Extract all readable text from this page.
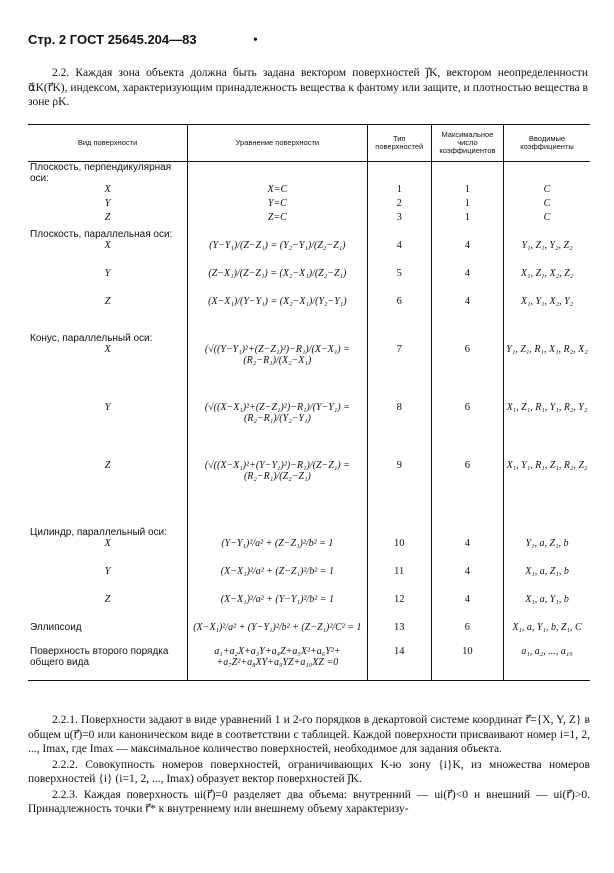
Стр. 2 ГОСТ 25645.204—83	•

2.2. Каждая зона объекта должна быть задана вектором поверхностей j⃗K, вектором неопределенности α⃗K(r⃗K), индексом, характеризующим принадлежность вещества к фантому или защите, и плотностью вещества в зоне ρK.

Вид поверхности	Уравнение поверхности	Тип поверхностей	Максимальное число коэффициентов	Вводимые коэффициенты
Плоскость, перпендикулярная оси:				
X	X=C	1	1	C
Y	Y=C	2	1	C
Z	Z=C	3	1	C
Плоскость, параллельная оси:				
X	(Y−Y₁)/(Z−Z₁) = (Y₂−Y₁)/(Z₂−Z₁)	4	4	Y₁, Z₁, Y₂, Z₂
Y	(Z−X₁)/(Z−Z₁) = (X₂−X₁)/(Z₂−Z₁)	5	4	X₁, Z₁, X₂, Z₂
Z	(X−X₁)/(Y−Y₁) = (X₂−X₁)/(Y₂−Y₁)	6	4	X₁, Y₁, X₂, Y₂
Конус, параллельный оси:				
X	(√((Y−Y₁)²+(Z−Z₁)²)−R₁)/(X−X₁) = (R₂−R₁)/(X₂−X₁)	7	6	Y₁, Z₁, R₁, X₁, R₂, X₂
Y	(√((X−X₁)²+(Z−Z₁)²)−R₁)/(Y−Y₁) = (R₂−R₁)/(Y₂−Y₁)	8	6	X₁, Z₁, R₁, Y₁, R₂, Y₂
Z	(√((X−X₁)²+(Y−Y₁)²)−R₁)/(Z−Z₁) = (R₂−R₁)/(Z₂−Z₁)	9	6	X₁, Y₁, R₁, Z₁, R₂, Z₂
Цилиндр, параллельный оси:				
X	(Y−Y₁)²/a² + (Z−Z₁)²/b² = 1	10	4	Y₁, a, Z₁, b
Y	(X−X₁)²/a² + (Z−Z₁)²/b² = 1	11	4	X₁, a, Z₁, b
Z	(X−X₁)²/a² + (Y−Y₁)²/b² = 1	12	4	X₁, a, Y₁, b
Эллипсоид	(X−X₁)²/a² + (Y−Y₁)²/b² + (Z−Z₁)²/C² = 1	13	6	X₁, a, Y₁, b, Z₁, C
Поверхность второго порядка общего вида	a₁+a₂X+a₃Y+a₄Z+a₅X²+a₆Y²+ +a₇Z²+a₈XY+a₉YZ+a₁₀XZ =0	14	10	a₁, a₂, ..., a₁₀

2.2.1. Поверхности задают в виде уравнений 1 и 2-го порядков в декартовой системе координат r⃗={X, Y, Z} в общем u(r⃗)=0 или каноническом виде в соответствии с таблицей. Каждой поверхности присваивают номер i=1, 2, ..., Imax, где Imax — максимальное количество поверхностей, необходимое для задания объекта.

2.2.2. Совокупность номеров поверхностей, ограничивающих K-ю зону {i}K, из множества номеров поверхностей {i} (i=1, 2, ..., Imax) образует вектор поверхностей j⃗K.

2.2.3. Каждая поверхность ui(r⃗)=0 разделяет два объема: внутренний — ui(r⃗)<0 и внешний — ui(r⃗)>0. Принадлежность точки r⃗* к внутреннему или внешнему объему характеризу-
